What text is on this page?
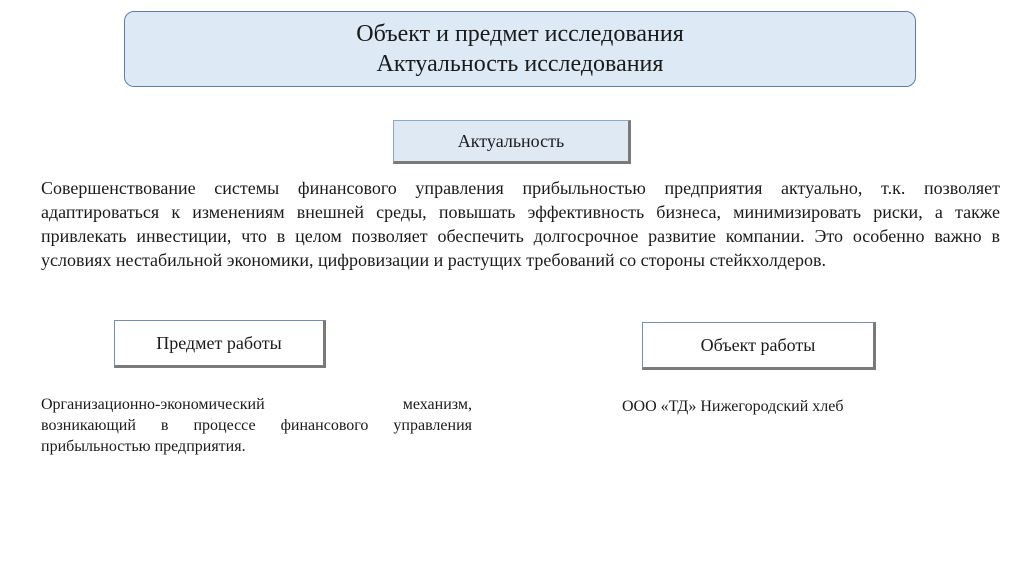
Объект и предмет исследования
Актуальность исследования
Актуальность

Совершенствование системы финансового управления прибыльностью предприятия актуально, т.к. позволяет адаптироваться к изменениям внешней среды, повышать эффективность бизнеса, минимизировать риски, а также привлекать инвестиции, что в целом позволяет обеспечить долгосрочное развитие компании. Это особенно важно в условиях нестабильной экономики, цифровизации и растущих требований со стороны стейкхолдеров.

Предмет работы	Объект работы

Организационно-экономический механизм,
возникающий в процессе финансового управления прибыльностью предприятия.

ООО «ТД» Нижегородский хлеб
